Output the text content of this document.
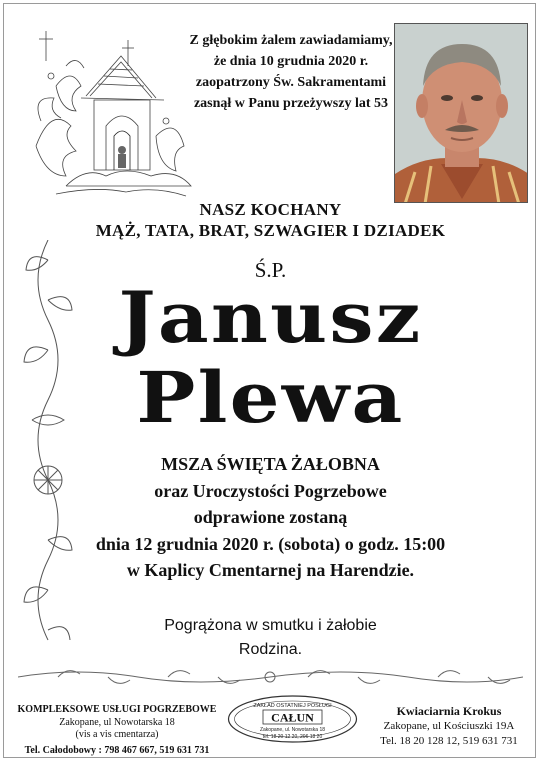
Z głębokim żalem zawiadamiamy,
że dnia 10 grudnia 2020 r.
zaopatrzony Św. Sakramentami
zasnął w Panu przeżywszy lat 53
NASZ KOCHANY
MĄŻ, TATA, BRAT, SZWAGIER I DZIADEK
Ś.P.
Janusz
Plewa
MSZA ŚWIĘTA ŻAŁOBNA
oraz Uroczystości Pogrzebowe
odprawione zostaną
dnia 12 grudnia 2020 r. (sobota) o godz. 15:00
w Kaplicy Cmentarnej na Harendzie.
Pogrążona w smutku i żałobie
Rodzina.
KOMPLEKSOWE USŁUGI POGRZEBOWE
Zakopane, ul Nowotarska 18
(vis a vis cmentarza)
Tel. Całodobowy : 798 467 667, 519 631 731
ZAKŁAD OSTATNIEJ POSŁUGI
CAŁUN
Zakopane, ul. Nowotarska 18
tel. 18 20 12 20, 206 18 20
Kwiaciarnia Krokus
Zakopane, ul Kościuszki 19A
Tel. 18 20 128 12, 519 631 731
